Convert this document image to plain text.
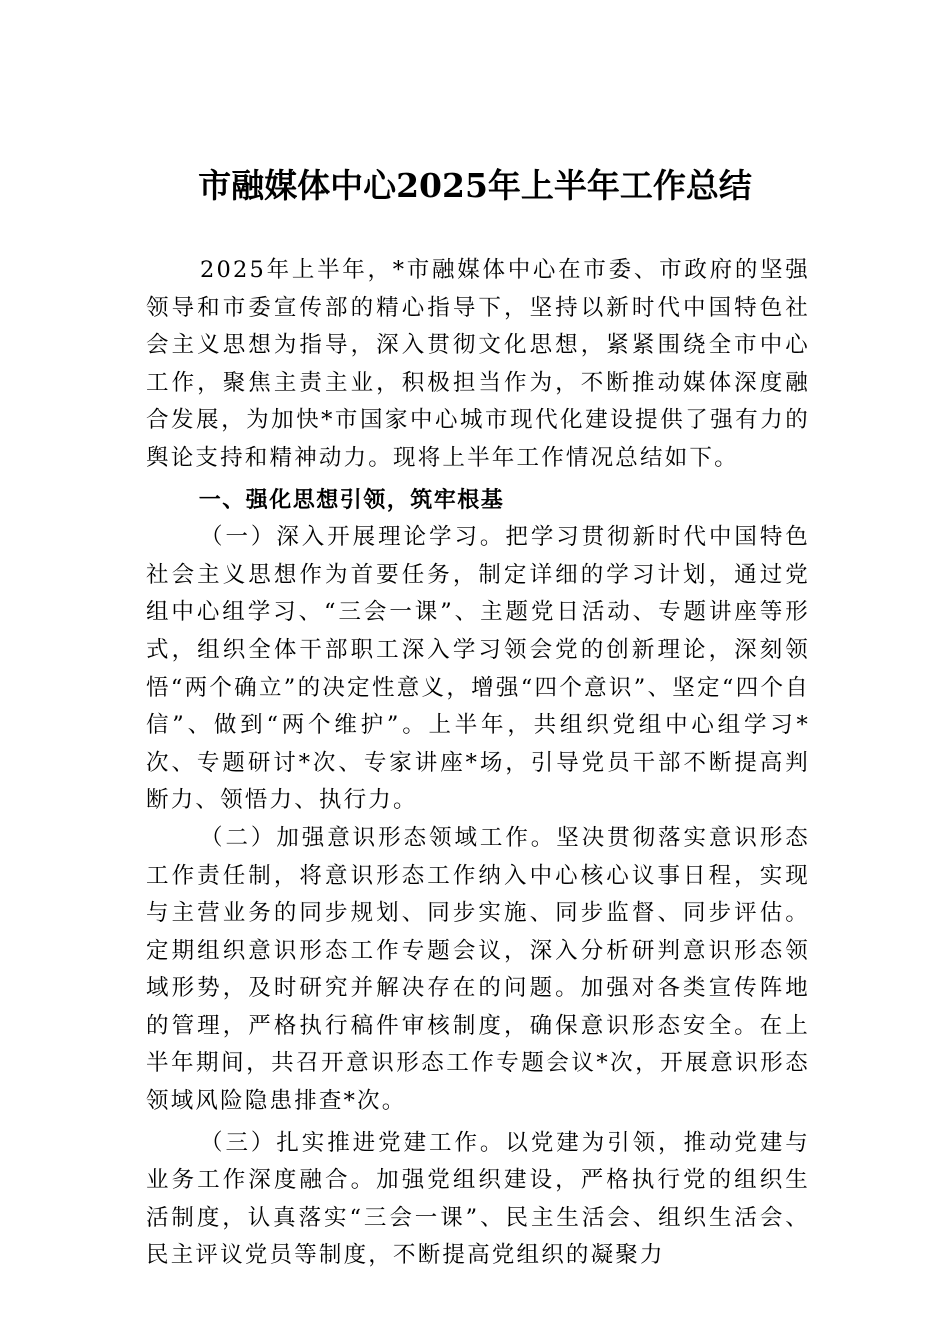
市融媒体中心2025年上半年工作总结

2025年上半年，*市融媒体中心在市委、市政府的坚强领导和市委宣传部的精心指导下，坚持以新时代中国特色社会主义思想为指导，深入贯彻文化思想，紧紧围绕全市中心工作，聚焦主责主业，积极担当作为，不断推动媒体深度融合发展，为加快*市国家中心城市现代化建设提供了强有力的舆论支持和精神动力。现将上半年工作情况总结如下。

一、强化思想引领，筑牢根基

（一）深入开展理论学习。把学习贯彻新时代中国特色社会主义思想作为首要任务，制定详细的学习计划，通过党组中心组学习、“三会一课”、主题党日活动、专题讲座等形式，组织全体干部职工深入学习领会党的创新理论，深刻领悟“两个确立”的决定性意义，增强“四个意识”、坚定“四个自信”、做到“两个维护”。上半年，共组织党组中心组学习*次、专题研讨*次、专家讲座*场，引导党员干部不断提高判断力、领悟力、执行力。

（二）加强意识形态领域工作。坚决贯彻落实意识形态工作责任制，将意识形态工作纳入中心核心议事日程，实现与主营业务的同步规划、同步实施、同步监督、同步评估。定期组织意识形态工作专题会议，深入分析研判意识形态领域形势，及时研究并解决存在的问题。加强对各类宣传阵地的管理，严格执行稿件审核制度，确保意识形态安全。在上半年期间，共召开意识形态工作专题会议*次，开展意识形态领域风险隐患排查*次。

（三）扎实推进党建工作。以党建为引领，推动党建与业务工作深度融合。加强党组织建设，严格执行党的组织生活制度，认真落实“三会一课”、民主生活会、组织生活会、民主评议党员等制度，不断提高党组织的凝聚力
